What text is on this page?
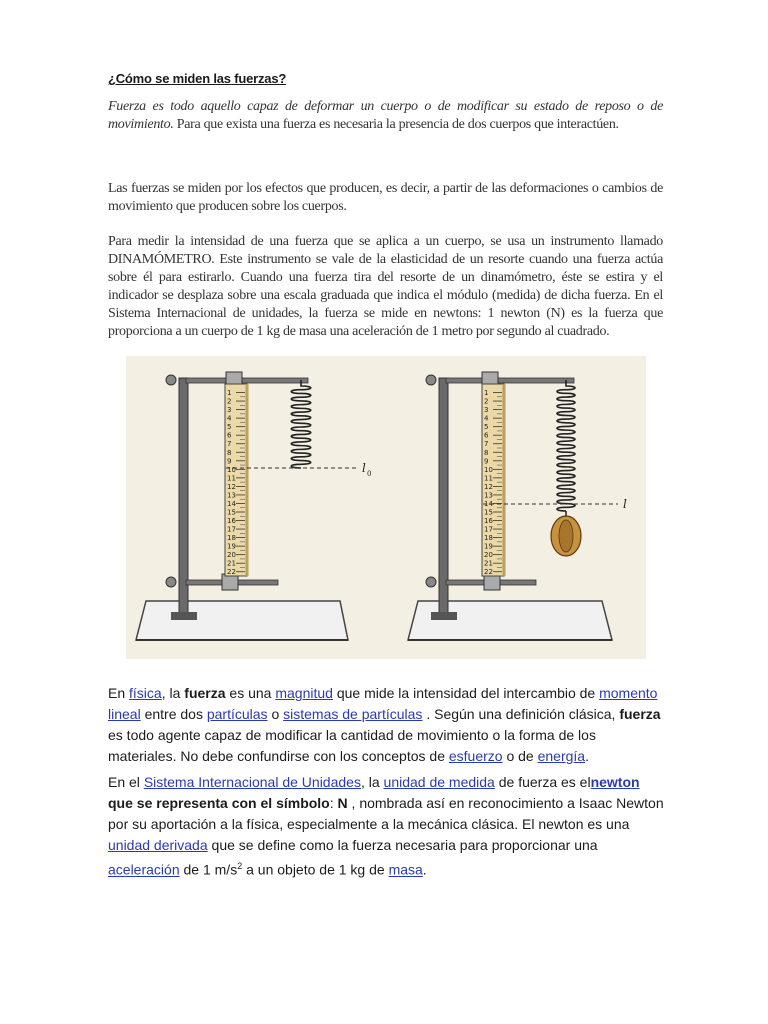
¿Cómo se miden las fuerzas?

Fuerza es todo aquello capaz de deformar un cuerpo o de modificar su estado de reposo o de movimiento. Para que exista una fuerza es necesaria la presencia de dos cuerpos que interactúen.

Las fuerzas se miden por los efectos que producen, es decir, a partir de las deformaciones o cambios de movimiento que producen sobre los cuerpos.

Para medir la intensidad de una fuerza que se aplica a un cuerpo, se usa un instrumento llamado DINAMÓMETRO. Este instrumento se vale de la elasticidad de un resorte cuando una fuerza actúa sobre él para estirarlo. Cuando una fuerza tira del resorte de un dinamómetro, éste se estira y el indicador se desplaza sobre una escala graduada que indica el módulo (medida) de dicha fuerza. En el Sistema Internacional de unidades, la fuerza se mide en newtons: 1 newton (N) es la fuerza que proporciona a un cuerpo de 1 kg de masa una aceleración de 1 metro por segundo al cuadrado.

1
2
3
4
5
6
7
8
9
10
11
12
13
14
15
16
17
18
19
20
21
22
l 0
1
2
3
4
5
6
7
8
9
10
11
12
13
14
15
16
17
18
19
20
21
22
l

En física, la fuerza es una magnitud que mide la intensidad del intercambio de momento lineal entre dos partículas o sistemas de partículas . Según una definición clásica, fuerza es todo agente capaz de modificar la cantidad de movimiento o la forma de los materiales. No debe confundirse con los conceptos de esfuerzo o de energía.

En el Sistema Internacional de Unidades, la unidad de medida de fuerza es elnewton que se representa con el símbolo: N , nombrada así en reconocimiento a Isaac Newton por su aportación a la física, especialmente a la mecánica clásica. El newton es una unidad derivada que se define como la fuerza necesaria para proporcionar una aceleración de 1 $m/s^2$ a un objeto de 1 kg de masa.
